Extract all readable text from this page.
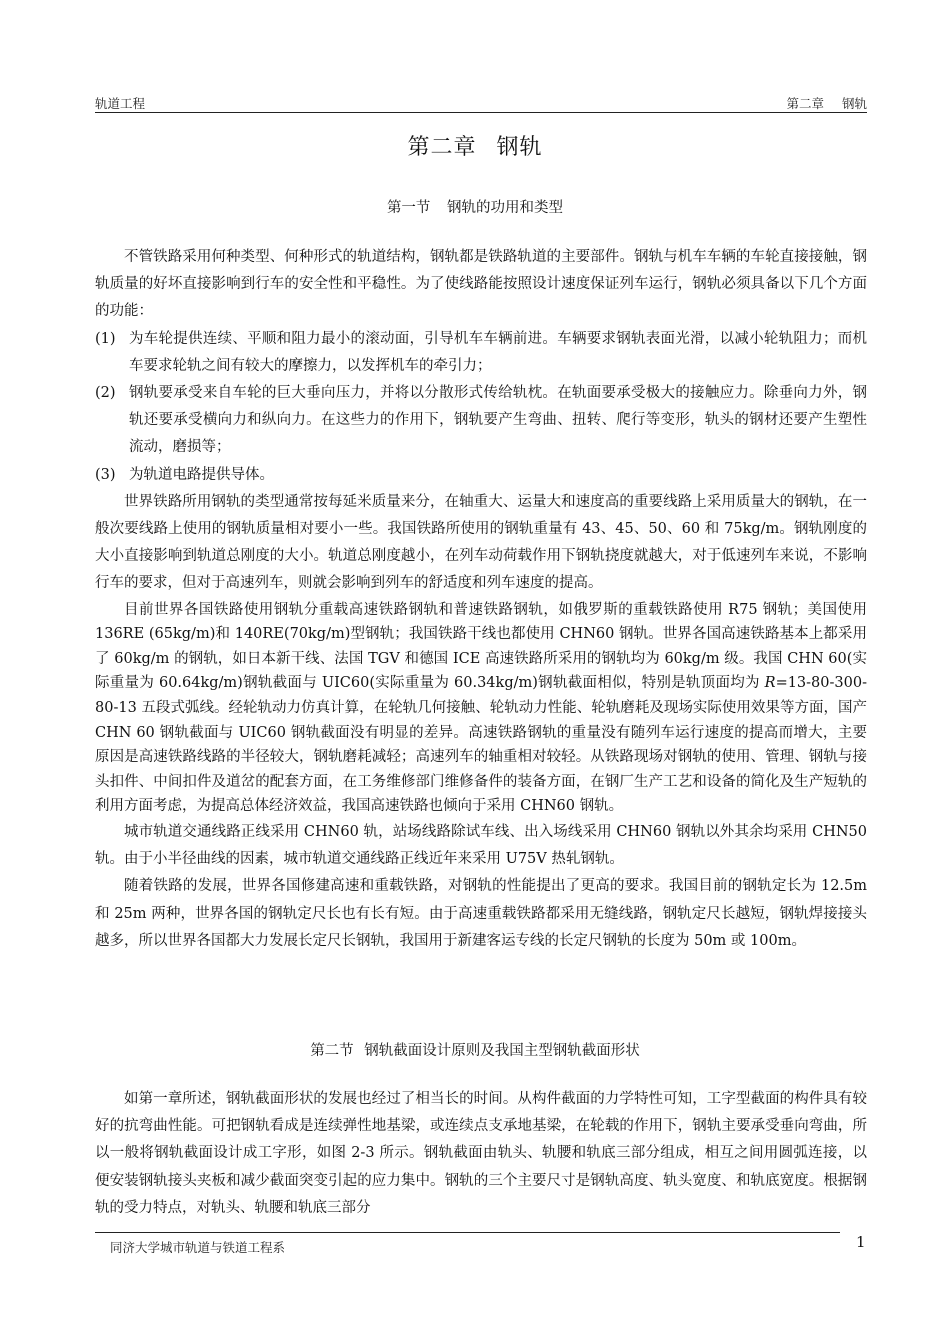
轨道工程	第二章 钢轨
第二章 钢轨
第一节 钢轨的功用和类型

不管铁路采用何种类型、何种形式的轨道结构，钢轨都是铁路轨道的主要部件。钢轨与机车车辆的车轮直接接触，钢轨质量的好坏直接影响到行车的安全性和平稳性。为了使线路能按照设计速度保证列车运行，钢轨必须具备以下几个方面的功能：

(1) 为车轮提供连续、平顺和阻力最小的滚动面，引导机车车辆前进。车辆要求钢轨表面光滑，以减小轮轨阻力；而机车要求轮轨之间有较大的摩擦力，以发挥机车的牵引力；
(2) 钢轨要承受来自车轮的巨大垂向压力，并将以分散形式传给轨枕。在轨面要承受极大的接触应力。除垂向力外，钢轨还要承受横向力和纵向力。在这些力的作用下，钢轨要产生弯曲、扭转、爬行等变形，轨头的钢材还要产生塑性流动，磨损等；
(3) 为轨道电路提供导体。

世界铁路所用钢轨的类型通常按每延米质量来分，在轴重大、运量大和速度高的重要线路上采用质量大的钢轨，在一般次要线路上使用的钢轨质量相对要小一些。我国铁路所使用的钢轨重量有 43、45、50、60 和 75kg/m。钢轨刚度的大小直接影响到轨道总刚度的大小。轨道总刚度越小，在列车动荷载作用下钢轨挠度就越大，对于低速列车来说，不影响行车的要求，但对于高速列车，则就会影响到列车的舒适度和列车速度的提高。

目前世界各国铁路使用钢轨分重载高速铁路钢轨和普速铁路钢轨，如俄罗斯的重载铁路使用 R75 钢轨；美国使用 136RE (65kg/m)和 140RE(70kg/m)型钢轨；我国铁路干线也都使用 CHN60 钢轨。世界各国高速铁路基本上都采用了 60kg/m 的钢轨，如日本新干线、法国 TGV 和德国 ICE 高速铁路所采用的钢轨均为 60kg/m 级。我国 CHN 60(实际重量为 60.64kg/m)钢轨截面与 UIC60(实际重量为 60.34kg/m)钢轨截面相似，特别是轨顶面均为 R=13-80-300-80-13 五段式弧线。经轮轨动力仿真计算，在轮轨几何接触、轮轨动力性能、轮轨磨耗及现场实际使用效果等方面，国产 CHN 60 钢轨截面与 UIC60 钢轨截面没有明显的差异。高速铁路钢轨的重量没有随列车运行速度的提高而增大，主要原因是高速铁路线路的半径较大，钢轨磨耗减轻；高速列车的轴重相对较轻。从铁路现场对钢轨的使用、管理、钢轨与接头扣件、中间扣件及道岔的配套方面，在工务维修部门维修备件的装备方面，在钢厂生产工艺和设备的简化及生产短轨的利用方面考虑，为提高总体经济效益，我国高速铁路也倾向于采用 CHN60 钢轨。

城市轨道交通线路正线采用 CHN60 轨，站场线路除试车线、出入场线采用 CHN60 钢轨以外其余均采用 CHN50 轨。由于小半径曲线的因素，城市轨道交通线路正线近年来采用 U75V 热轧钢轨。

随着铁路的发展，世界各国修建高速和重载铁路，对钢轨的性能提出了更高的要求。我国目前的钢轨定长为 12.5m 和 25m 两种，世界各国的钢轨定尺长也有长有短。由于高速重载铁路都采用无缝线路，钢轨定尺长越短，钢轨焊接接头越多，所以世界各国都大力发展长定尺长钢轨，我国用于新建客运专线的长定尺钢轨的长度为 50m 或 100m。

第二节 钢轨截面设计原则及我国主型钢轨截面形状

如第一章所述，钢轨截面形状的发展也经过了相当长的时间。从构件截面的力学特性可知，工字型截面的构件具有较好的抗弯曲性能。可把钢轨看成是连续弹性地基梁，或连续点支承地基梁，在轮载的作用下，钢轨主要承受垂向弯曲，所以一般将钢轨截面设计成工字形，如图 2-3 所示。钢轨截面由轨头、轨腰和轨底三部分组成，相互之间用圆弧连接，以便安装钢轨接头夹板和减少截面突变引起的应力集中。钢轨的三个主要尺寸是钢轨高度、轨头宽度、和轨底宽度。根据钢轨的受力特点，对轨头、轨腰和轨底三部分

同济大学城市轨道与铁道工程系	1
